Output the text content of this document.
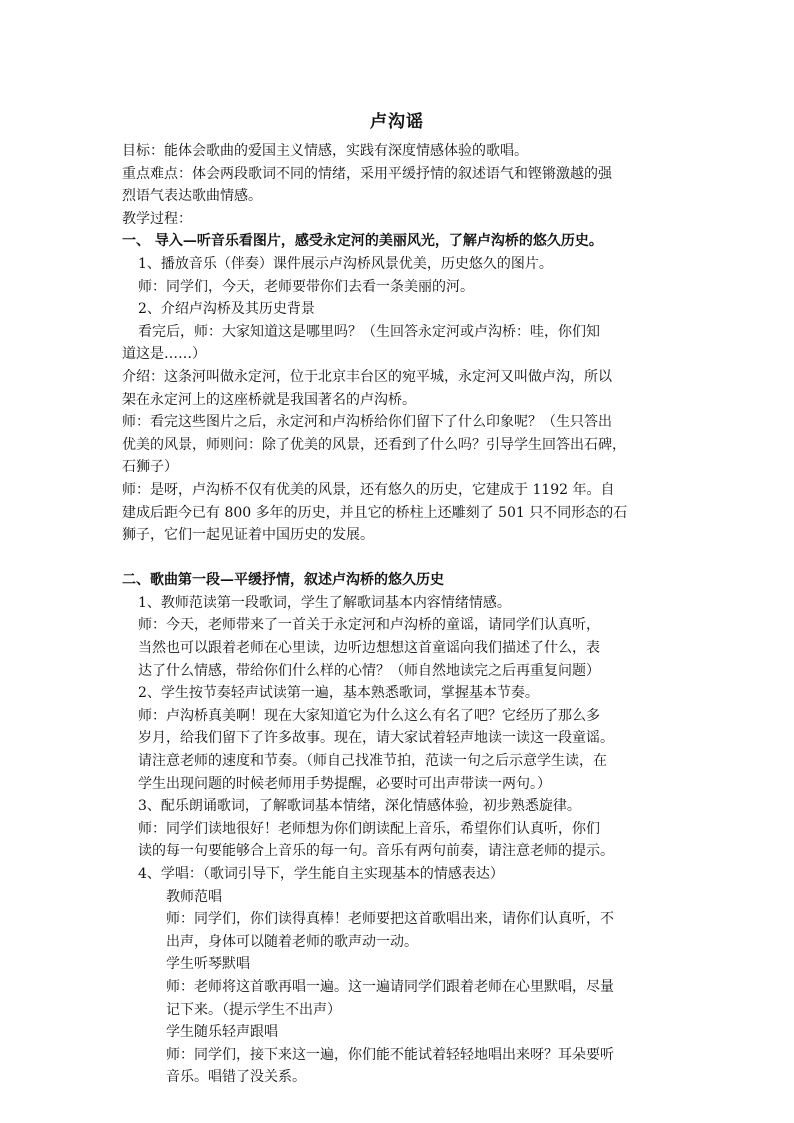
卢沟谣

目标：能体会歌曲的爱国主义情感，实践有深度情感体验的歌唱。

重点难点：体会两段歌词不同的情绪，采用平缓抒情的叙述语气和铿锵激越的强

烈语气表达歌曲情感。

教学过程：

一、 导入—听音乐看图片，感受永定河的美丽风光，了解卢沟桥的悠久历史。

1、播放音乐（伴奏）课件展示卢沟桥风景优美，历史悠久的图片。

师：同学们，今天，老师要带你们去看一条美丽的河。

2、介绍卢沟桥及其历史背景

看完后，师：大家知道这是哪里吗？（生回答永定河或卢沟桥：哇，你们知

道这是……）

介绍：这条河叫做永定河，位于北京丰台区的宛平城，永定河又叫做卢沟，所以

架在永定河上的这座桥就是我国著名的卢沟桥。

师：看完这些图片之后，永定河和卢沟桥给你们留下了什么印象呢？（生只答出

优美的风景，师则问：除了优美的风景，还看到了什么吗？引导学生回答出石碑，

石狮子）

师：是呀，卢沟桥不仅有优美的风景，还有悠久的历史，它建成于 1192 年。自

建成后距今已有 800 多年的历史，并且它的桥柱上还雕刻了 501 只不同形态的石

狮子，它们一起见证着中国历史的发展。

二、歌曲第一段—平缓抒情，叙述卢沟桥的悠久历史

1、教师范读第一段歌词，学生了解歌词基本内容情绪情感。

师：今天，老师带来了一首关于永定河和卢沟桥的童谣，请同学们认真听，

当然也可以跟着老师在心里读，边听边想想这首童谣向我们描述了什么，表

达了什么情感，带给你们什么样的心情？（师自然地读完之后再重复问题）

2、学生按节奏轻声试读第一遍，基本熟悉歌词，掌握基本节奏。

师：卢沟桥真美啊！现在大家知道它为什么这么有名了吧？它经历了那么多

岁月，给我们留下了许多故事。现在，请大家试着轻声地读一读这一段童谣。

请注意老师的速度和节奏。（师自己找准节拍，范读一句之后示意学生读，在

学生出现问题的时候老师用手势提醒，必要时可出声带读一两句。）

3、配乐朗诵歌词，了解歌词基本情绪，深化情感体验，初步熟悉旋律。

师：同学们读地很好！老师想为你们朗读配上音乐，希望你们认真听，你们

读的每一句要能够合上音乐的每一句。音乐有两句前奏，请注意老师的提示。

4、学唱：（歌词引导下，学生能自主实现基本的情感表达）

教师范唱

师：同学们，你们读得真棒！老师要把这首歌唱出来，请你们认真听，不

出声，身体可以随着老师的歌声动一动。

学生听琴默唱

师：老师将这首歌再唱一遍。这一遍请同学们跟着老师在心里默唱，尽量

记下来。（提示学生不出声）

学生随乐轻声跟唱

师：同学们，接下来这一遍，你们能不能试着轻轻地唱出来呀？耳朵要听

音乐。唱错了没关系。
